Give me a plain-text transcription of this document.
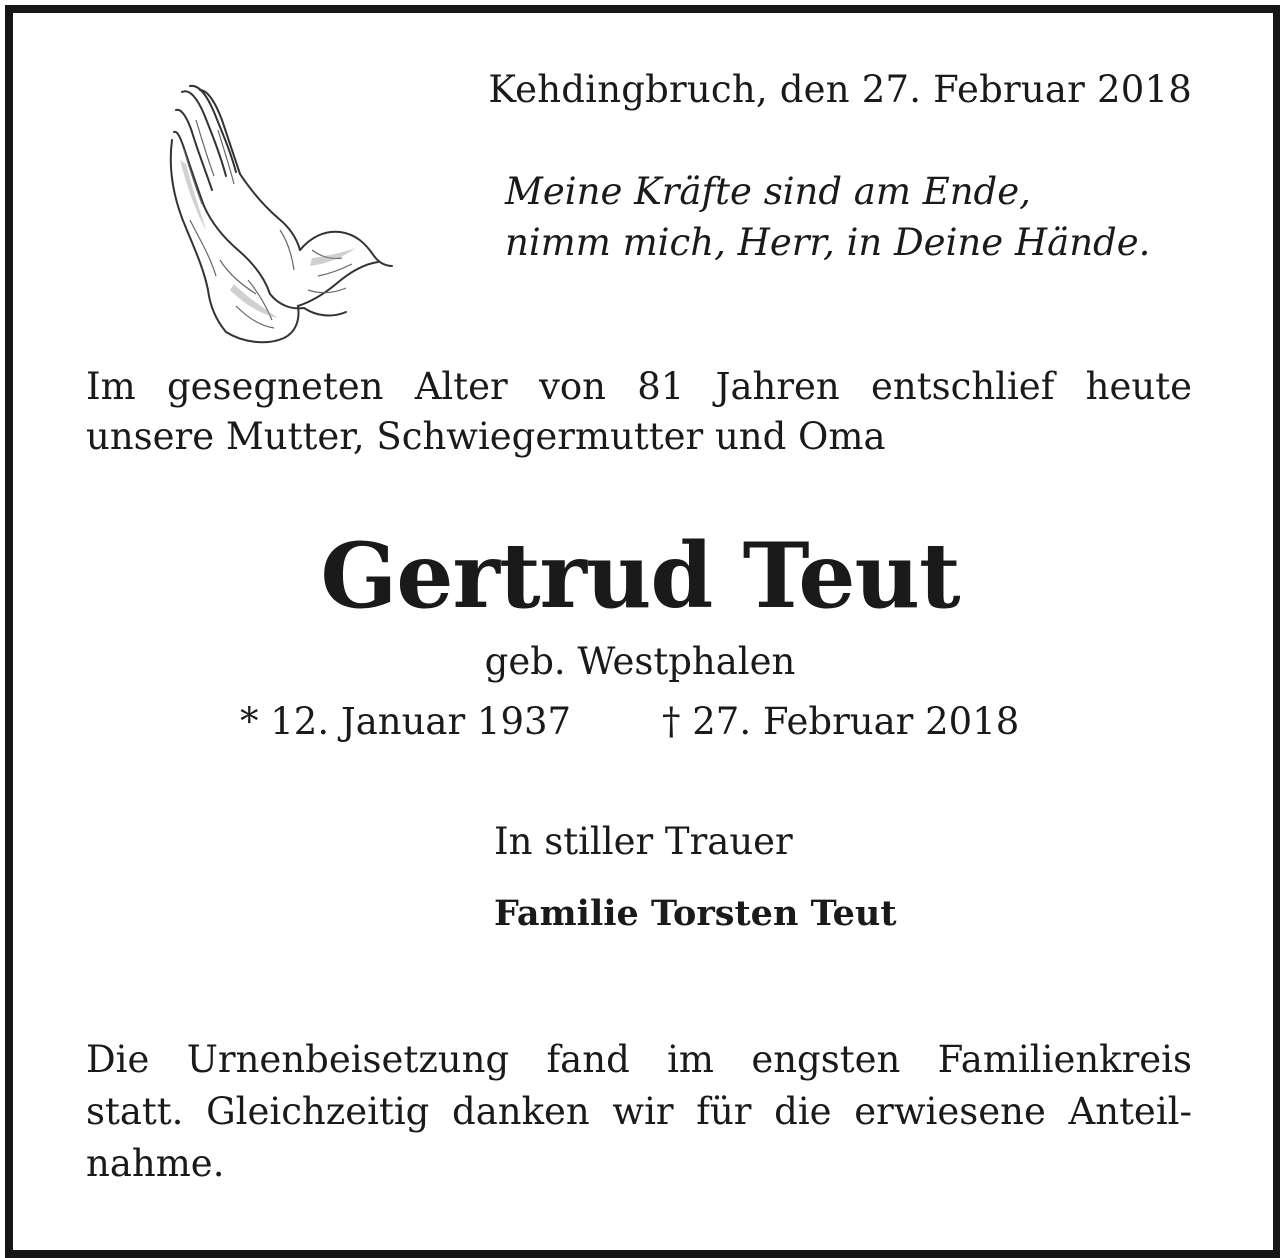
Kehdingbruch, den 27. Februar 2018
Meine Kräfte sind am Ende,
nimm mich, Herr, in Deine Hände.
Im gesegneten Alter von 81 Jahren entschlief heute
unsere Mutter, Schwiegermutter und Oma
Gertrud Teut
geb. Westphalen
* 12. Januar 1937 † 27. Februar 2018
In stiller Trauer
Familie Torsten Teut
Die Urnenbeisetzung fand im engsten Familienkreis
statt. Gleichzeitig danken wir für die erwiesene Anteil-
nahme.
